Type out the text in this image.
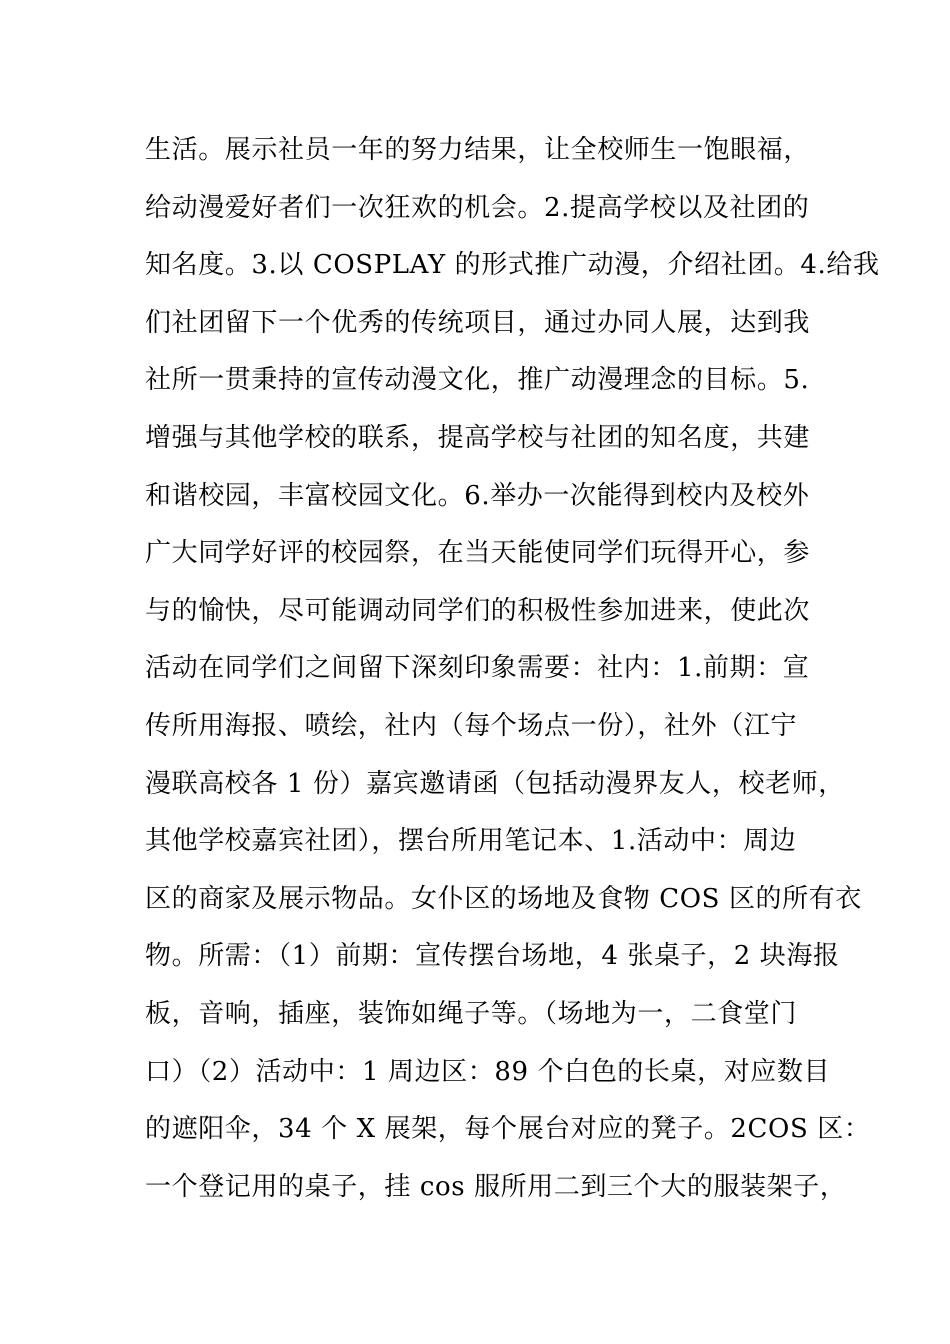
生活。展示社员一年的努力结果，让全校师生一饱眼福，
给动漫爱好者们一次狂欢的机会。2.提高学校以及社团的
知名度。3.以 COSPLAY 的形式推广动漫，介绍社团。4.给我
们社团留下一个优秀的传统项目，通过办同人展，达到我
社所一贯秉持的宣传动漫文化，推广动漫理念的目标。5.
增强与其他学校的联系，提高学校与社团的知名度，共建
和谐校园，丰富校园文化。6.举办一次能得到校内及校外
广大同学好评的校园祭，在当天能使同学们玩得开心，参
与的愉快，尽可能调动同学们的积极性参加进来，使此次
活动在同学们之间留下深刻印象需要：社内：1.前期：宣
传所用海报、喷绘，社内（每个场点一份），社外（江宁
漫联高校各 1 份）嘉宾邀请函（包括动漫界友人，校老师，
其他学校嘉宾社团），摆台所用笔记本、1.活动中：周边
区的商家及展示物品。女仆区的场地及食物 COS 区的所有衣
物。所需：（1）前期：宣传摆台场地，4 张桌子，2 块海报
板，音响，插座，装饰如绳子等。（场地为一，二食堂门
口）（2）活动中：1 周边区：89 个白色的长桌，对应数目
的遮阳伞，34 个 X 展架，每个展台对应的凳子。2COS 区：
一个登记用的桌子，挂 cos 服所用二到三个大的服装架子，
